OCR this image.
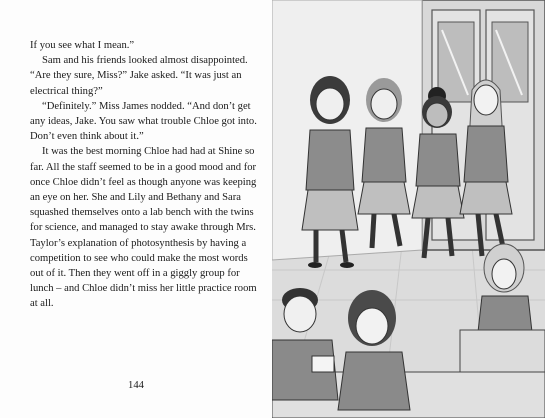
If you see what I mean.”

Sam and his friends looked almost disappointed. “Are they sure, Miss?” Jake asked. “It was just an electrical thing?”

“Definitely.” Miss James nodded. “And don’t get any ideas, Jake. You saw what trouble Chloe got into. Don’t even think about it.”

It was the best morning Chloe had had at Shine so far. All the staff seemed to be in a good mood and for once Chloe didn’t feel as though anyone was keeping an eye on her. She and Lily and Bethany and Sara squashed themselves onto a lab bench with the twins for science, and managed to stay awake through Mrs. Taylor’s explanation of photosynthesis by having a competition to see who could make the most words out of it. Then they went off in a giggly group for lunch – and Chloe didn’t miss her little practice room at all.

144
